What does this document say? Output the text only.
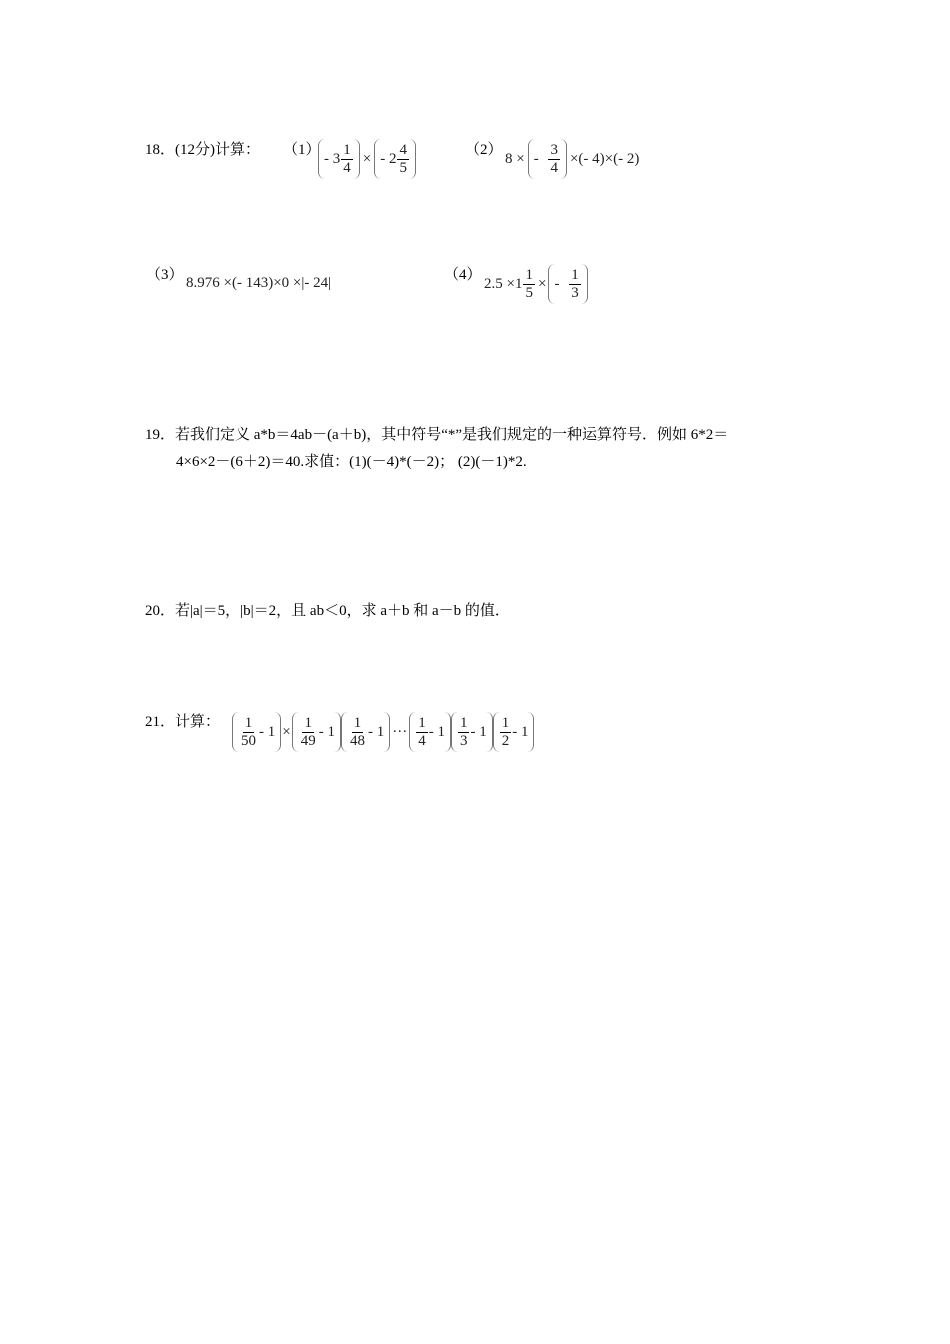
18．(12分)计算： （1）
- $3 \frac{1}{4}$ × - $2 \frac{4}{5}$	（2）
8 × - $\frac{3}{4}$ ×(- 4)×(- 2)
（3） 8.976 ×(- 143)×0 ×|- 24|	（4）
$2.5 \times 1 \frac{1}{5}$ × - $\frac{1}{3}$
19．若我们定义 a*b＝4ab－(a＋b)，其中符号“*”是我们规定的一种运算符号．例如 6*2＝
4×6×2－(6＋2)＝40.求值：(1)(－4)*(－2)； (2)(－1)*2.
20．若|a|＝5，|b|＝2，且 ab＜0，求 a＋b 和 a－b 的值．
21．计算： $\frac{1}{50} - 1 \times \frac{1}{49} - 1 \frac{1}{48} - 1$ ··· $\frac{1}{4} - 1 \frac{1}{3} - 1 \frac{1}{2} - 1$
